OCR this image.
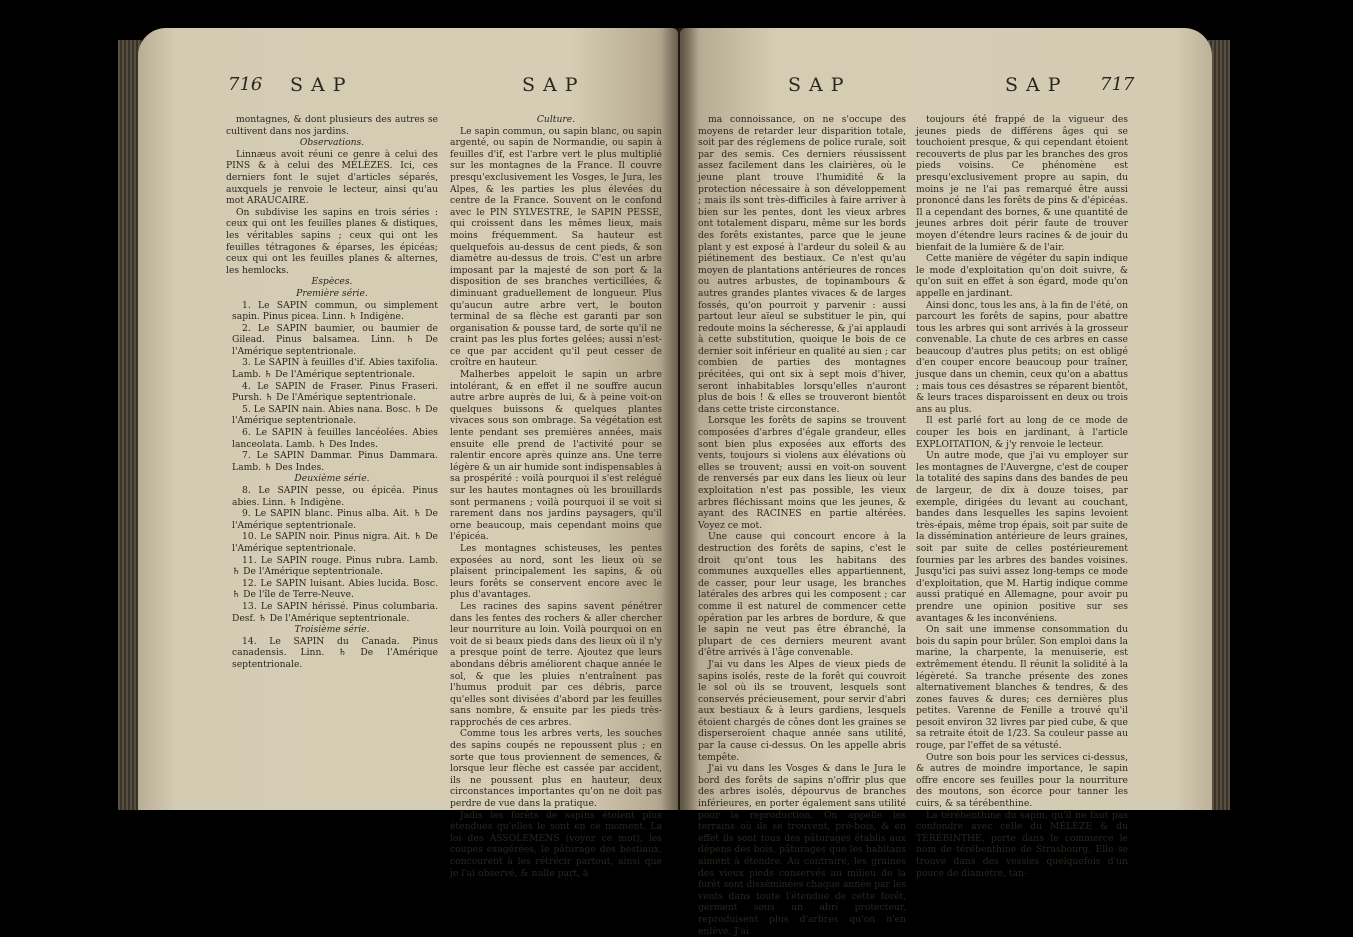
716 SAP	SAP

montagnes, & dont plusieurs des autres se cultivent dans nos jardins.

Observations.

Linnæus avoit réuni ce genre à celui des PINS & à celui des MÉLÈZES. Ici, ces derniers font le sujet d'articles séparés, auxquels je renvoie le lecteur, ainsi qu'au mot ARAUCAIRE.

On subdivise les sapins en trois séries : ceux qui ont les feuilles planes & distiques, les véritables sapins ; ceux qui ont les feuilles tétragones & éparses, les épicéas; ceux qui ont les feuilles planes & alternes, les hemlocks.

Espèces.

Première série.

1. Le SAPIN commun, ou simplement sapin. Pinus picea. Linn. ♄ Indigène.

2. Le SAPIN baumier, ou baumier de Gilead. Pinus balsamea. Linn. ♄ De l'Amérique septentrionale.

3. Le SAPIN à feuilles d'if. Abies taxifolia. Lamb. ♄ De l'Amérique septentrionale.

4. Le SAPIN de Fraser. Pinus Fraseri. Pursh. ♄ De l'Amérique septentrionale.

5. Le SAPIN nain. Abies nana. Bosc. ♄ De l'Amérique septentrionale.

6. Le SAPIN à feuilles lancéolées. Abies lanceolata. Lamb. ♄ Des Indes.

7. Le SAPIN Dammar. Pinus Dammara. Lamb. ♄ Des Indes.

Deuxième série.

8. Le SAPIN pesse, ou épicéa. Pinus abies. Linn. ♄ Indigène.

9. Le SAPIN blanc. Pinus alba. Ait. ♄ De l'Amérique septentrionale.

10. Le SAPIN noir. Pinus nigra. Ait. ♄ De l'Amérique septentrionale.

11. Le SAPIN rouge. Pinus rubra. Lamb. ♄ De l'Amérique septentrionale.

12. Le SAPIN luisant. Abies lucida. Bosc. ♄ De l'île de Terre-Neuve.

13. Le SAPIN hérissé. Pinus columbaria. Desf. ♄ De l'Amérique septentrionale.

Troisième série.

14. Le SAPIN du Canada. Pinus canadensis. Linn. ♄ De l'Amérique septentrionale.

Culture.

Le sapin commun, ou sapin blanc, ou sapin argenté, ou sapin de Normandie, ou sapin à feuilles d'if, est l'arbre vert le plus multiplié sur les montagnes de la France. Il couvre presqu'exclusivement les Vosges, le Jura, les Alpes, & les parties les plus élevées du centre de la France. Souvent on le confond avec le PIN SYLVESTRE, le SAPIN PESSE, qui croissent dans les mêmes lieux, mais moins fréquemment. Sa hauteur est quelquefois au-dessus de cent pieds, & son diamètre au-dessus de trois. C'est un arbre imposant par la majesté de son port & la disposition de ses branches verticillées, & diminuant graduellement de longueur. Plus qu'aucun autre arbre vert, le bouton terminal de sa flèche est garanti par son organisation & pousse tard, de sorte qu'il ne craint pas les plus fortes gelées; aussi n'est-ce que par accident qu'il peut cesser de croître en hauteur.

Malherbes appeloit le sapin un arbre intolérant, & en effet il ne souffre aucun autre arbre auprès de lui, & à peine voit-on quelques buissons & quelques plantes vivaces sous son ombrage. Sa végétation est lente pendant ses premières années, mais ensuite elle prend de l'activité pour se ralentir encore après quinze ans. Une terre légère & un air humide sont indispensables à sa prospérité : voilà pourquoi il s'est relégué sur les hautes montagnes où les brouillards sont permanens ; voilà pourquoi il se voit si rarement dans nos jardins paysagers, qu'il orne beaucoup, mais cependant moins que l'épicéa.

Les montagnes schisteuses, les pentes exposées au nord, sont les lieux où se plaisent principalement les sapins, & où leurs forêts se conservent encore avec le plus d'avantages.

Les racines des sapins savent pénétrer dans les fentes des rochers & aller chercher leur nourriture au loin. Voilà pourquoi on en voit de si beaux pieds dans des lieux où il n'y a presque point de terre. Ajoutez que leurs abondans débris améliorent chaque année le sol, & que les pluies n'entraînent pas l'humus produit par ces débris, parce qu'elles sont divisées d'abord par les feuilles sans nombre, & ensuite par les pieds très-rapprochés de ces arbres.

Comme tous les arbres verts, les souches des sapins coupés ne repoussent plus ; en sorte que tous proviennent de semences, & lorsque leur flèche est cassée par accident, ils ne poussent plus en hauteur, deux circonstances importantes qu'on ne doit pas perdre de vue dans la pratique.

Jadis les forêts de sapins étoient plus étendues qu'elles le sont en ce moment. La loi des ASSOLEMENS (voyez ce mot), les coupes exagérées, le pâturage des bestiaux, concourent à les rétrécir partout, ainsi que je l'ai observé, & nulle part, à

SAP	SAP 717

ma connoissance, on ne s'occupe des moyens de retarder leur disparition totale, soit par des réglemens de police rurale, soit par des semis. Ces derniers réussissent assez facilement dans les clairières, où le jeune plant trouve l'humidité & la protection nécessaire à son développement ; mais ils sont très-difficiles à faire arriver à bien sur les pentes, dont les vieux arbres ont totalement disparu, même sur les bords des forêts existantes, parce que le jeune plant y est exposé à l'ardeur du soleil & au piétinement des bestiaux. Ce n'est qu'au moyen de plantations antérieures de ronces ou autres arbustes, de topinambours & autres grandes plantes vivaces & de larges fossés, qu'on pourroit y parvenir : aussi partout leur aïeul se substituer le pin, qui redoute moins la sécheresse, & j'ai applaudi à cette substitution, quoique le bois de ce dernier soit inférieur en qualité au sien ; car combien de parties des montagnes précitées, qui ont six à sept mois d'hiver, seront inhabitables lorsqu'elles n'auront plus de bois ! & elles se trouveront bientôt dans cette triste circonstance.

Lorsque les forêts de sapins se trouvent composées d'arbres d'égale grandeur, elles sont bien plus exposées aux efforts des vents, toujours si violens aux élévations où elles se trouvent; aussi en voit-on souvent de renversés par eux dans les lieux où leur exploitation n'est pas possible, les vieux arbres fléchissant moins que les jeunes, & ayant des RACINES en partie altérées. Voyez ce mot.

Une cause qui concourt encore à la destruction des forêts de sapins, c'est le droit qu'ont tous les habitans des communes auxquelles elles appartiennent, de casser, pour leur usage, les branches latérales des arbres qui les composent ; car comme il est naturel de commencer cette opération par les arbres de bordure, & que le sapin ne veut pas être ébranché, la plupart de ces derniers meurent avant d'être arrivés à l'âge convenable.

J'ai vu dans les Alpes de vieux pieds de sapins isolés, reste de la forêt qui couvroit le sol où ils se trouvent, lesquels sont conservés précieusement, pour servir d'abri aux bestiaux & à leurs gardiens, lesquels étoient chargés de cônes dont les graines se disperseroient chaque année sans utilité, par la cause ci-dessus. On les appelle abris tempête.

J'ai vu dans les Vosges & dans le Jura le bord des forêts de sapins n'offrir plus que des arbres isolés, dépourvus de branches inférieures, en porter également sans utilité pour la reproduction. On appelle les terrains où ils se trouvent, pré-bois, & en effet ils sont tous des pâturages établis aux dépens des bois, pâturages que les habitans aiment à étendre. Au contraire, les graines des vieux pieds conservés au milieu de la forêt sont disséminées chaque année par les vents dans toute l'étendue de cette forêt, germent sous un abri protecteur, reproduisent plus d'arbres qu'on n'en enlève. J'ai

toujours été frappé de la vigueur des jeunes pieds de différens âges qui se touchoient presque, & qui cependant étoient recouverts de plus par les branches des gros pieds voisins. Ce phénomène est presqu'exclusivement propre au sapin, du moins je ne l'ai pas remarqué être aussi prononcé dans les forêts de pins & d'épicéas. Il a cependant des bornes, & une quantité de jeunes arbres doit périr faute de trouver moyen d'étendre leurs racines & de jouir du bienfait de la lumière & de l'air.

Cette manière de végéter du sapin indique le mode d'exploitation qu'on doit suivre, & qu'on suit en effet à son égard, mode qu'on appelle en jardinant.

Ainsi donc, tous les ans, à la fin de l'été, on parcourt les forêts de sapins, pour abattre tous les arbres qui sont arrivés à la grosseur convenable. La chute de ces arbres en casse beaucoup d'autres plus petits; on est obligé d'en couper encore beaucoup pour traîner, jusque dans un chemin, ceux qu'on a abattus ; mais tous ces désastres se réparent bientôt, & leurs traces disparoissent en deux ou trois ans au plus.

Il est parlé fort au long de ce mode de couper les bois en jardinant, à l'article EXPLOITATION, & j'y renvoie le lecteur.

Un autre mode, que j'ai vu employer sur les montagnes de l'Auvergne, c'est de couper la totalité des sapins dans des bandes de peu de largeur, de dix à douze toises, par exemple, dirigées du levant au couchant, bandes dans lesquelles les sapins levoient très-épais, même trop épais, soit par suite de la dissémination antérieure de leurs graines, soit par suite de celles postérieurement fournies par les arbres des bandes voisines. Jusqu'ici pas suivi assez long-temps ce mode d'exploitation, que M. Hartig indique comme aussi pratiqué en Allemagne, pour avoir pu prendre une opinion positive sur ses avantages & les inconvéniens.

On sait une immense consommation du bois du sapin pour brûler. Son emploi dans la marine, la charpente, la menuiserie, est extrêmement étendu. Il réunit la solidité à la légèreté. Sa tranche présente des zones alternativement blanches & tendres, & des zones fauves & dures; ces dernières plus petites. Varenne de Fenille a trouvé qu'il pesoit environ 32 livres par pied cube, & que sa retraite étoit de 1/23. Sa couleur passe au rouge, par l'effet de sa vétusté.

Outre son bois pour les services ci-dessus, & autres de moindre importance, le sapin offre encore ses feuilles pour la nourriture des moutons, son écorce pour tanner les cuirs, & sa térébenthine.

La térébenthine du sapin, qu'il ne faut pas confondre avec celle du MÉLÈZE & du TÉRÉBINTHE, porte dans le commerce le nom de térébenthine de Strasbourg. Elle se trouve dans des vessies quelquefois d'un pouce de diamètre, tan-
